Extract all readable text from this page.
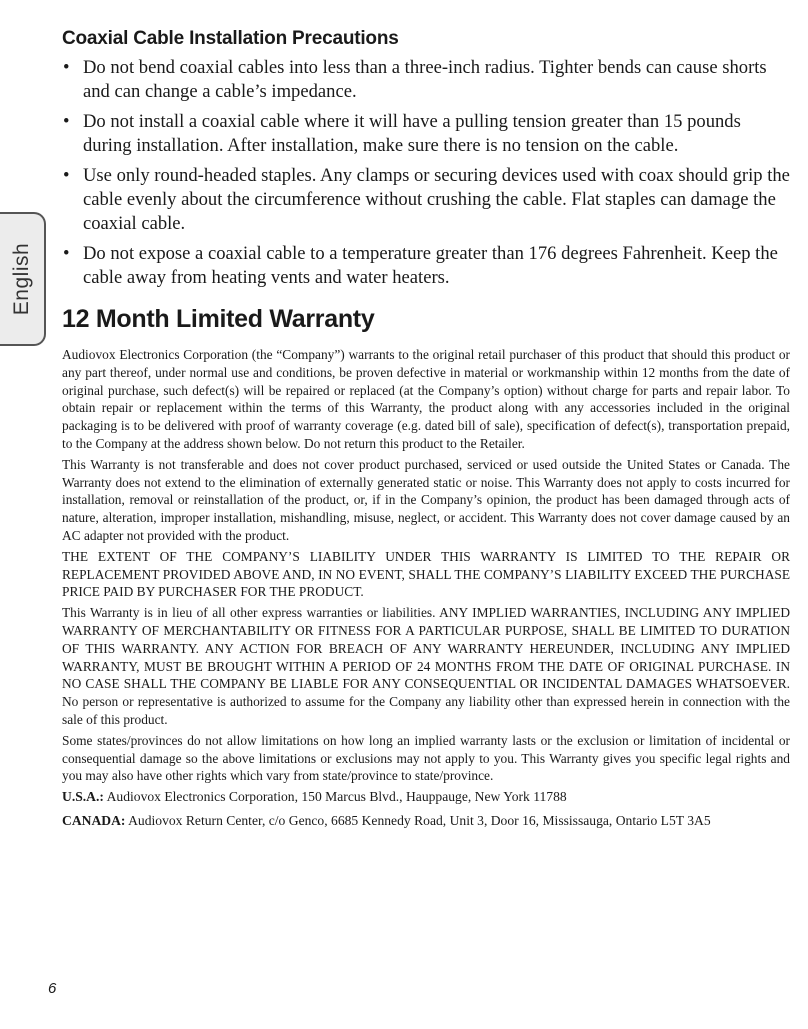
English
Coaxial Cable Installation Precautions
• Do not bend coaxial cables into less than a three-inch radius. Tighter bends can cause shorts and can change a cable’s impedance.
• Do not install a coaxial cable where it will have a pulling tension greater than 15 pounds during installation. After installation, make sure there is no tension on the cable.
• Use only round-headed staples. Any clamps or securing devices used with coax should grip the cable evenly about the circumference without crushing the cable. Flat staples can damage the coaxial cable.
• Do not expose a coaxial cable to a temperature greater than 176 degrees Fahrenheit. Keep the cable away from heating vents and water heaters.
12 Month Limited Warranty

Audiovox Electronics Corporation (the “Company”) warrants to the original retail purchaser of this product that should this product or any part thereof, under normal use and conditions, be proven defective in material or workmanship within 12 months from the date of original purchase, such defect(s) will be repaired or replaced (at the Company’s option) without charge for parts and repair labor. To obtain repair or replacement within the terms of this Warranty, the product along with any accessories included in the original packaging is to be delivered with proof of warranty coverage (e.g. dated bill of sale), specification of defect(s), transportation prepaid, to the Company at the address shown below. Do not return this product to the Retailer.

This Warranty is not transferable and does not cover product purchased, serviced or used outside the United States or Canada. The Warranty does not extend to the elimination of externally generated static or noise. This Warranty does not apply to costs incurred for installation, removal or reinstallation of the product, or, if in the Company’s opinion, the product has been damaged through acts of nature, alteration, improper installation, mishandling, misuse, neglect, or accident. This Warranty does not cover damage caused by an AC adapter not provided with the product.

THE EXTENT OF THE COMPANY’S LIABILITY UNDER THIS WARRANTY IS LIMITED TO THE REPAIR OR REPLACEMENT PROVIDED ABOVE AND, IN NO EVENT, SHALL THE COMPANY’S LIABILITY EXCEED THE PURCHASE PRICE PAID BY PURCHASER FOR THE PRODUCT.

This Warranty is in lieu of all other express warranties or liabilities. ANY IMPLIED WARRANTIES, INCLUDING ANY IMPLIED WARRANTY OF MERCHANTABILITY OR FITNESS FOR A PARTICULAR PURPOSE, SHALL BE LIMITED TO DURATION OF THIS WARRANTY. ANY ACTION FOR BREACH OF ANY WARRANTY HEREUNDER, INCLUDING ANY IMPLIED WARRANTY, MUST BE BROUGHT WITHIN A PERIOD OF 24 MONTHS FROM THE DATE OF ORIGINAL PURCHASE. IN NO CASE SHALL THE COMPANY BE LIABLE FOR ANY CONSEQUENTIAL OR INCIDENTAL DAMAGES WHATSOEVER. No person or representative is authorized to assume for the Company any liability other than expressed herein in connection with the sale of this product.

Some states/provinces do not allow limitations on how long an implied warranty lasts or the exclusion or limitation of incidental or consequential damage so the above limitations or exclusions may not apply to you. This Warranty gives you specific legal rights and you may also have other rights which vary from state/province to state/province.

U.S.A.: Audiovox Electronics Corporation, 150 Marcus Blvd., Hauppauge, New York 11788

CANADA: Audiovox Return Center, c/o Genco, 6685 Kennedy Road, Unit 3, Door 16, Mississauga, Ontario L5T 3A5

6
